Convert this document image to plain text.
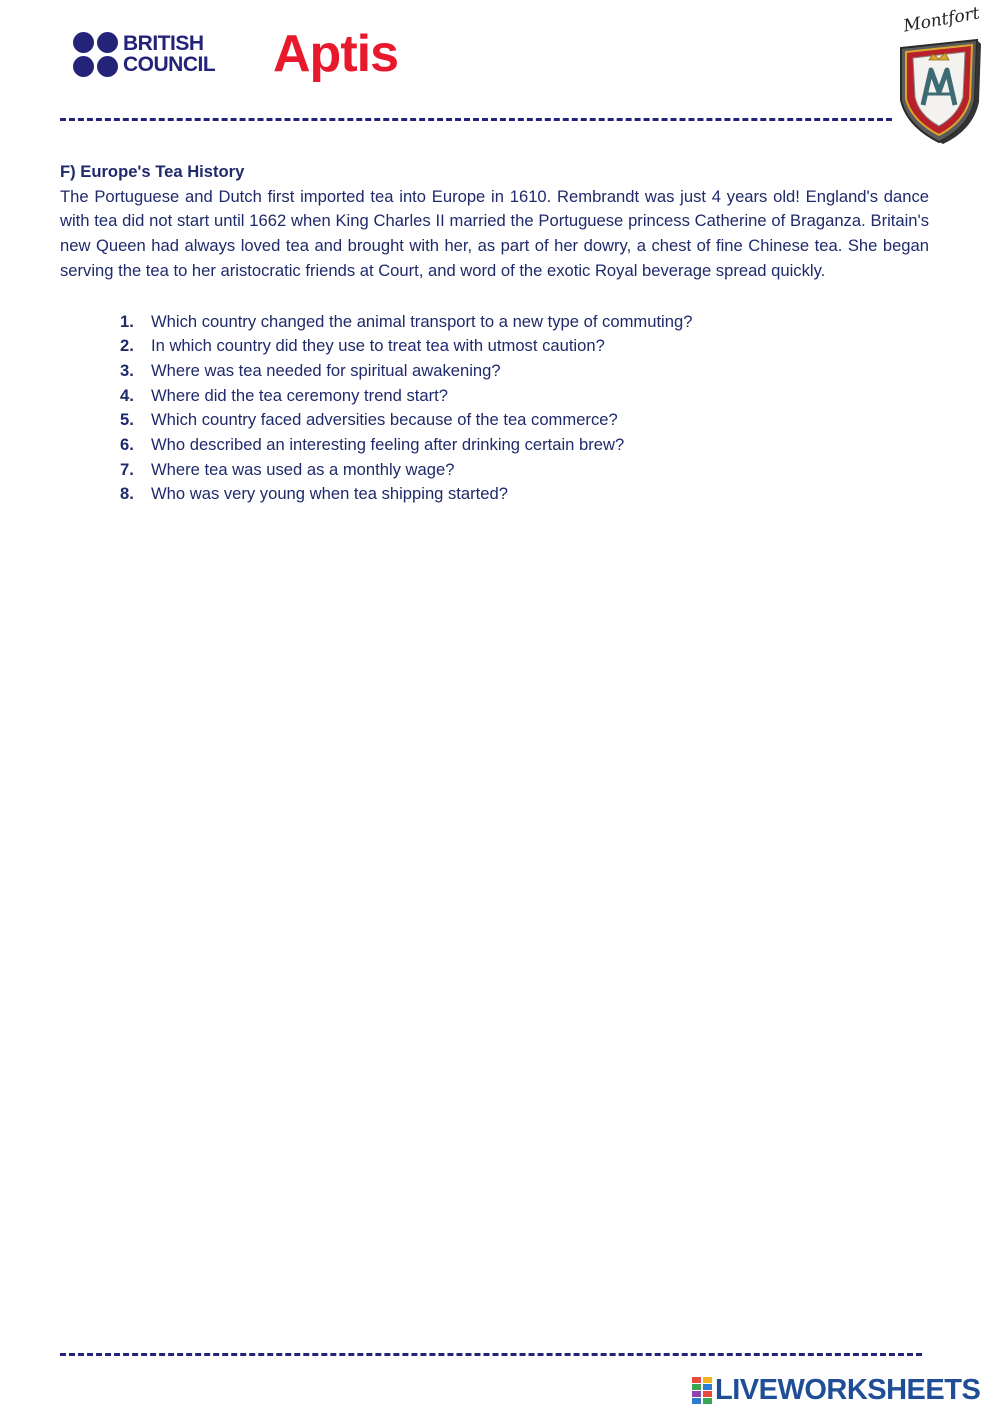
BRITISH
COUNCIL	Aptis
Montfort

F) Europe's Tea History

The Portuguese and Dutch first imported tea into Europe in 1610. Rembrandt was just 4 years old! England's dance with tea did not start until 1662 when King Charles II married the Portuguese princess Catherine of Braganza. Britain's new Queen had always loved tea and brought with her, as part of her dowry, a chest of fine Chinese tea. She began serving the tea to her aristocratic friends at Court, and word of the exotic Royal beverage spread quickly.

1. Which country changed the animal transport to a new type of commuting?
2. In which country did they use to treat tea with utmost caution?
3. Where was tea needed for spiritual awakening?
4. Where did the tea ceremony trend start?
5. Which country faced adversities because of the tea commerce?
6. Who described an interesting feeling after drinking certain brew?
7. Where tea was used as a monthly wage?
8. Who was very young when tea shipping started?
LIVEWORKSHEETS
